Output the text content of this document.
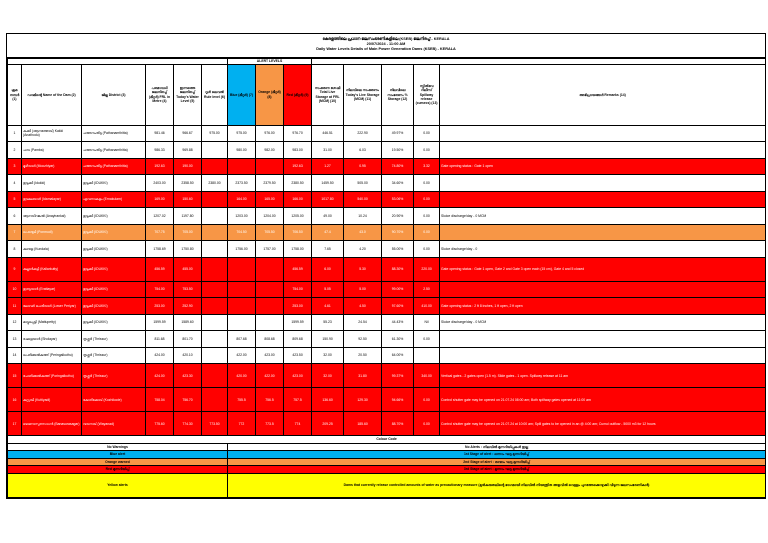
കേരളത്തിലെ പ്രധാന ജലസംഭരണികളിലെ (KSEB) ജലനിരപ്പ് - KERALA
20/07/2024 - 11:00 AM
Daily Water Levels Details of Main Power Generation Dams (KSEB) - KERALA
						ALERT LEVELS							
ക്രമ നമ്പർ (1)	ഡാമിന്റെ Name of the Dam (2)	ജില്ല District (3)	പരമാവധി ജലനിരപ്പ് (മീറ്റർ) FRL in Metre (4)	ഇന്നത്തെ ജലനിരപ്പ് Today's Water Level (5)	റൂൾ ലെവൽ Rule level (6)	Blue (മീറ്റർ) (7)	Orange (മീറ്റർ) (8)	Red (മീറ്റർ) (9)	സംഭരണ ശേഷി Total Live Storage at FRL (MCM) (10)	നിലവിലെ സംഭരണം Today's Live Storage (MCM) (11)	നിലവിലെ സംഭരണം % Storage (12)	സ്പിൽവേ റിലീസ് Spillway release (cumecs) (13)	അഭിപ്രായങ്ങൾ Remarks (14)
1	കക്കി (ആനത്തോട്) Kakki (Anathodu)	പത്തനംതിട്ട (Pathanamthitta)	981.46	966.67	975.00	975.00	976.00	976.70	446.51	222.90	49.97%	0.00	
2	പമ്പ (Pamba)	പത്തനംതിട്ട (Pathanamthitta)	986.33	969.88		980.00	982.00	983.00	31.00	6.03	19.50%	0.00	
3	മൂഴിയാർ (Moozhiyar)	പത്തനംതിട്ട (Pathanamthitta)	192.63	190.00				192.63	1.27	0.95	74.80%	3.32	Gate opening status : Gate 1 open
4	ഇടുക്കി (Idukki)	ഇടുക്കി (IDUKKI)	2403.00	2358.50	2380.00	2373.50	2379.50	2380.50	1459.50	505.00	34.60%	0.00	
5	ഇടമലയാർ (Idamalayar)	എറണാകുളം (Ernakulam)	169.00	150.60		164.00	165.00	166.00	1017.80	540.00	53.06%	0.00	
6	ആനയിറങ്കൽ (Anayirankal)	ഇടുക്കി (IDUKKI)	1207.02	1197.80		1203.00	1204.00	1205.00	49.00	10.24	20.90%	0.00	Sluice discharge/day - 0 MCM
7	പൊന്മുടി (Ponmudi)	ഇടുക്കി (IDUKKI)	707.75	705.00		704.50	705.50	706.50	47.4	43.0	90.70%	0.00	
8	കുണ്ടള (Kundala)	ഇടുക്കി (IDUKKI)	1758.69	1750.80		1756.00	1757.00	1758.00	7.65	4.20	55.00%	0.00	Sluice discharge/day - 0
9	കല്ലാർകുട്ടി (Kallarkutty)	ഇടുക്കി (IDUKKI)	456.59	455.00				456.59	6.00	5.30	88.30%	220.00	Gate opening status : Gate 1 open, Gate 2 and Gate 3 open each (15 cm), Gate 4 and 5 closed
10	ഇരട്ടയാർ (Erattayar)	ഇടുക്കി (IDUKKI)	754.00	753.50				754.00	5.05	5.00	99.00%	2.50	
11	ലോവർ പെരിയാർ (Lower Periyar)	ഇടുക്കി (IDUKKI)	253.00	252.90				253.00	4.61	4.50	97.60%	410.00	Gate opening status : 2 ft 8 inches, 1 ft open, 2 ft open
12	മാട്ടുപ്പെട്ടി (Mattupetty)	ഇടുക്കി (IDUKKI)	1599.59	1589.60				1599.59	55.23	24.54	44.43%	Nil	Sluice discharge/day - 0 MCM
13	ഷോളയാർ (Sholayar)	തൃശ്ശൂർ (Thrissur)	811.68	801.70		807.68	808.68	809.68	150.90	92.50	61.30%	0.00	
14	പെരിങ്ങൽകുത്ത് (Peringalkuthu)	തൃശ്ശൂർ (Thrissur)	424.00	420.10		422.00	423.00	423.50	32.00	20.50	64.00%		
15	പോരിങ്ങൽകുത്ത് (Poringalkuthu)	തൃശ്ശൂർ (Thrissur)	424.00	423.30		420.00	422.00	423.00	32.00	31.80	99.37%	340.00	Vertical gates - 2 gates open (1.5 m). Slide gates - 1 open. Spillway release at 11 am
16	കുറ്റ്യാടി (Kuttiyadi)	കോഴിക്കോട് (Kozhikode)	758.04	756.70		755.5	756.5	757.5	136.60	129.30	94.66%	0.00	Control shutter gate may be opened on 21.07.24 08:00 am; Both spillway gates opened at 11:00 am
17	ബാണാസുരസാഗർ (Banasurasagar)	വയനാട് (Wayanad)	775.60	774.30	773.50	772	773.5	774	209.25	185.60	88.70%	0.00	Control shutter gate may be opened on 21.07.24 at 10:00 am; Spill gates to be opened in an @ 4:00 am; Cumul outflow - 5000 m3 for 12 hours
Colour Code													
No Warnings						No Alerts : നിലവിൽ മുന്നറിയിപ്പുകൾ ഇല്ല							
Blue alert						1st Stage of alert : ഒന്നാം ഘട്ട മുന്നറിയിപ്പ്							
Orange warned						2nd Stage of alert : രണ്ടാം ഘട്ട മുന്നറിയിപ്പ്							
Red മുന്നറിയിപ്പ്						3rd Stage of alert : മൂന്നാം ഘട്ട മുന്നറിയിപ്പ്							
Yellow alerts						Dams that currently release controlled amounts of water as precautionary measure (മുൻകരുതലിന്റെ ഭാഗമായി നിലവിൽ നിയന്ത്രിത അളവിൽ വെള്ളം പുറത്തേക്കൊഴുക്കി വിടുന്ന ജലസംഭരണികൾ)							
